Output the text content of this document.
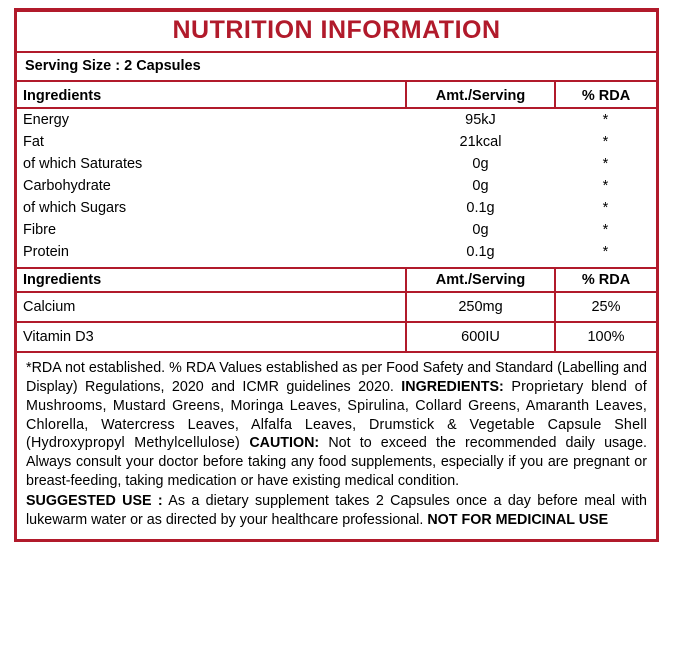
NUTRITION INFORMATION
Serving Size : 2 Capsules
Ingredients	Amt./Serving	% RDA
Energy	95kJ	*
Fat	21kcal	*
of which Saturates	0g	*
Carbohydrate	0g	*
of which Sugars	0.1g	*
Fibre	0g	*
Protein	0.1g	*
Ingredients	Amt./Serving	% RDA
Calcium	250mg	25%
Vitamin D3	600IU	100%

*RDA not established. % RDA Values established as per Food Safety and Standard (Labelling and Display) Regulations, 2020 and ICMR guidelines 2020. INGREDIENTS: Proprietary blend of Mushrooms, Mustard Greens, Moringa Leaves, Spirulina, Collard Greens, Amaranth Leaves, Chlorella, Watercress Leaves, Alfalfa Leaves, Drumstick & Vegetable Capsule Shell (Hydroxypropyl Methylcellulose) CAUTION: Not to exceed the recommended daily usage. Always consult your doctor before taking any food supplements, especially if you are pregnant or breast-feeding, taking medication or have existing medical condition.

SUGGESTED USE : As a dietary supplement takes 2 Capsules once a day before meal with lukewarm water or as directed by your healthcare professional. NOT FOR MEDICINAL USE
